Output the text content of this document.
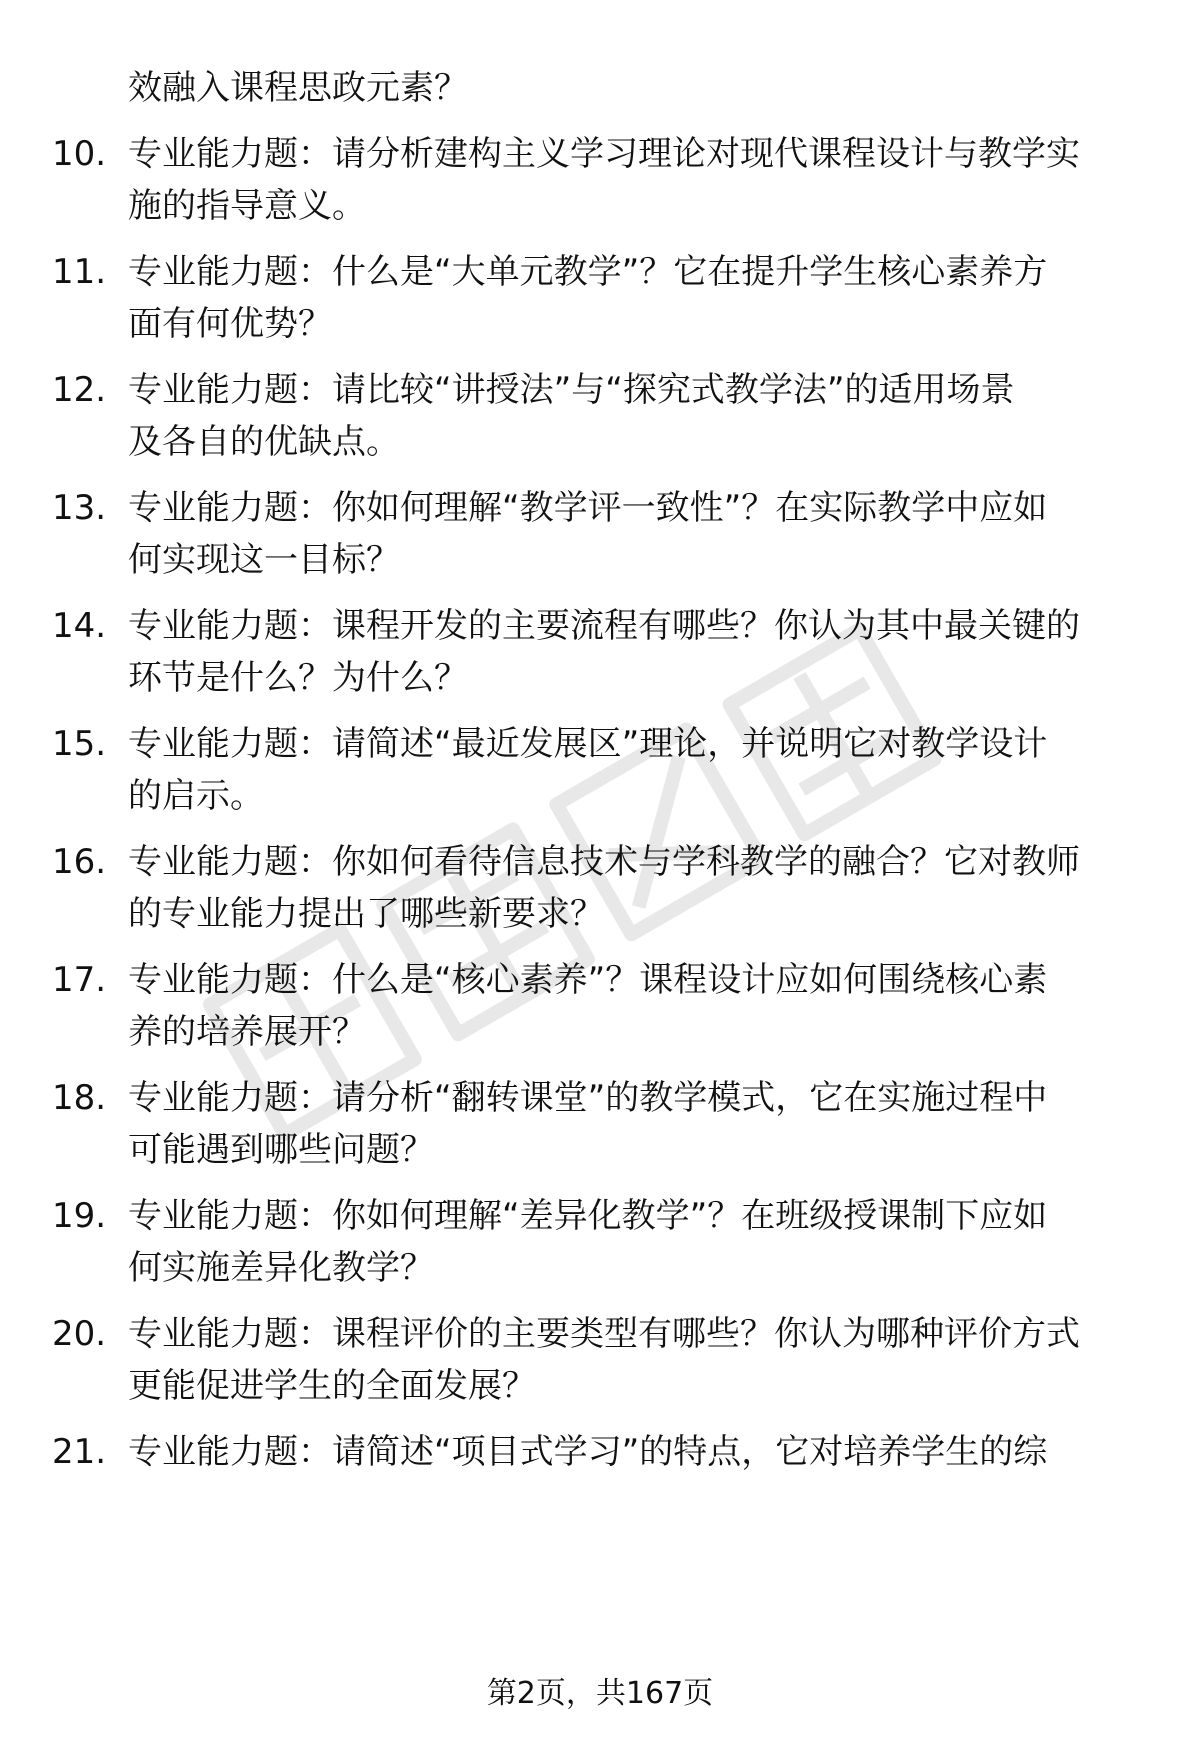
效融入课程思政元素？

10. 专业能力题：请分析建构主义学习理论对现代课程设计与教学实
施的指导意义。
11. 专业能力题：什么是“大单元教学”？它在提升学生核心素养方
面有何优势？
12. 专业能力题：请比较“讲授法”与“探究式教学法”的适用场景
及各自的优缺点。
13. 专业能力题：你如何理解“教学评一致性”？在实际教学中应如
何实现这一目标？
14. 专业能力题：课程开发的主要流程有哪些？你认为其中最关键的
环节是什么？为什么？
15. 专业能力题：请简述“最近发展区”理论，并说明它对教学设计
的启示。
16. 专业能力题：你如何看待信息技术与学科教学的融合？它对教师
的专业能力提出了哪些新要求？
17. 专业能力题：什么是“核心素养”？课程设计应如何围绕核心素
养的培养展开？
18. 专业能力题：请分析“翻转课堂”的教学模式，它在实施过程中
可能遇到哪些问题？
19. 专业能力题：你如何理解“差异化教学”？在班级授课制下应如
何实施差异化教学？
20. 专业能力题：课程评价的主要类型有哪些？你认为哪种评价方式
更能促进学生的全面发展？
21. 专业能力题：请简述“项目式学习”的特点，它对培养学生的综
第2页，共167页
